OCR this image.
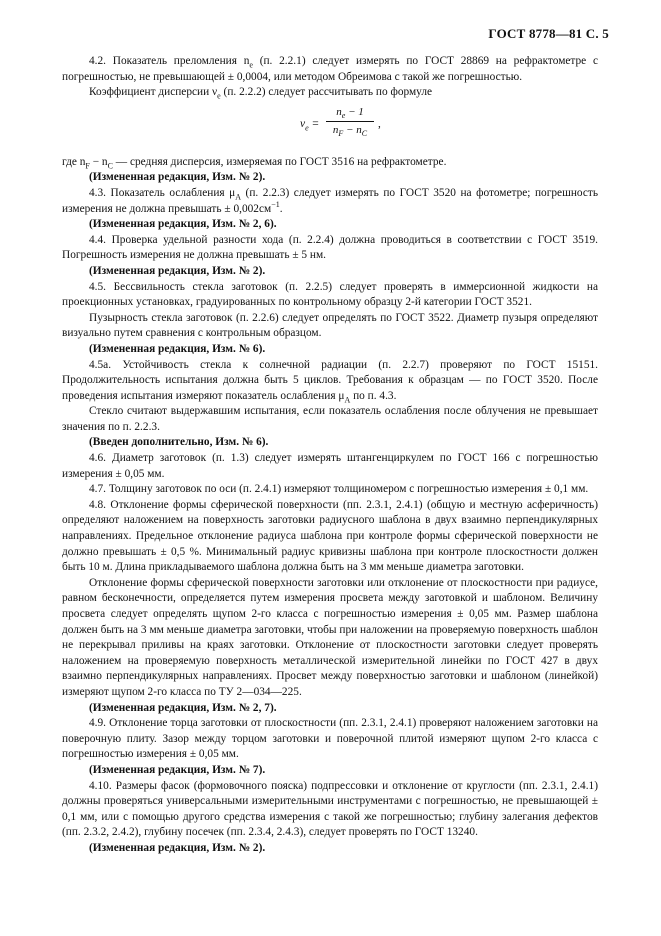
ГОСТ 8778—81 С. 5

4.2. Показатель преломления $n_e$ (п. 2.2.1) следует измерять по ГОСТ 28869 на рефрактометре с погрешностью, не превышающей ± 0,0004, или методом Обреимова с такой же погрешностью.

Коэффициент дисперсии $\nu_e$ (п. 2.2.2) следует рассчитывать по формуле

$\nu_e = \frac{n_e - 1}{n_F - n_C}$ ,

где $n_F - n_C$ — средняя дисперсия, измеряемая по ГОСТ 3516 на рефрактометре.

(Измененная редакция, Изм. № 2).

4.3. Показатель ослабления $\mu_A$ (п. 2.2.3) следует измерять по ГОСТ 3520 на фотометре; погрешность измерения не должна превышать ± $0,002см^{-1}$.

(Измененная редакция, Изм. № 2, 6).

4.4. Проверка удельной разности хода (п. 2.2.4) должна проводиться в соответствии с ГОСТ 3519. Погрешность измерения не должна превышать ± 5 нм.

(Измененная редакция, Изм. № 2).

4.5. Бессвильность стекла заготовок (п. 2.2.5) следует проверять в иммерсионной жидкости на проекционных установках, градуированных по контрольному образцу 2-й категории ГОСТ 3521.

Пузырность стекла заготовок (п. 2.2.6) следует определять по ГОСТ 3522. Диаметр пузыря определяют визуально путем сравнения с контрольным образцом.

(Измененная редакция, Изм. № 6).

4.5а. Устойчивость стекла к солнечной радиации (п. 2.2.7) проверяют по ГОСТ 15151. Продолжительность испытания должна быть 5 циклов. Требования к образцам — по ГОСТ 3520. После проведения испытания измеряют показатель ослабления $\mu_A$ по п. 4.3.

Стекло считают выдержавшим испытания, если показатель ослабления после облучения не превышает значения по п. 2.2.3.

(Введен дополнительно, Изм. № 6).

4.6. Диаметр заготовок (п. 1.3) следует измерять штангенциркулем по ГОСТ 166 с погрешностью измерения ± 0,05 мм.

4.7. Толщину заготовок по оси (п. 2.4.1) измеряют толщиномером с погрешностью измерения ± 0,1 мм.

4.8. Отклонение формы сферической поверхности (пп. 2.3.1, 2.4.1) (общую и местную асферичность) определяют наложением на поверхность заготовки радиусного шаблона в двух взаимно перпендикулярных направлениях. Предельное отклонение радиуса шаблона при контроле формы сферической поверхности не должно превышать ± 0,5 %. Минимальный радиус кривизны шаблона при контроле плоскостности должен быть 10 м. Длина прикладываемого шаблона должна быть на 3 мм меньше диаметра заготовки.

Отклонение формы сферической поверхности заготовки или отклонение от плоскостности при радиусе, равном бесконечности, определяется путем измерения просвета между заготовкой и шаблоном. Величину просвета следует определять щупом 2-го класса с погрешностью измерения ± 0,05 мм. Размер шаблона должен быть на 3 мм меньше диаметра заготовки, чтобы при наложении на проверяемую поверхность шаблон не перекрывал приливы на краях заготовки. Отклонение от плоскостности заготовки следует проверять наложением на проверяемую поверхность металлической измерительной линейки по ГОСТ 427 в двух взаимно перпендикулярных направлениях. Просвет между поверхностью заготовки и шаблоном (линейкой) измеряют щупом 2-го класса по ТУ 2—034—225.

(Измененная редакция, Изм. № 2, 7).

4.9. Отклонение торца заготовки от плоскостности (пп. 2.3.1, 2.4.1) проверяют наложением заготовки на поверочную плиту. Зазор между торцом заготовки и поверочной плитой измеряют щупом 2-го класса с погрешностью измерения ± 0,05 мм.

(Измененная редакция, Изм. № 7).

4.10. Размеры фасок (формовочного пояска) подпрессовки и отклонение от круглости (пп. 2.3.1, 2.4.1) должны проверяться универсальными измерительными инструментами с погрешностью, не превышающей ± 0,1 мм, или с помощью другого средства измерения с такой же погрешностью; глубину залегания дефектов (пп. 2.3.2, 2.4.2), глубину посечек (пп. 2.3.4, 2.4.3), следует проверять по ГОСТ 13240.

(Измененная редакция, Изм. № 2).
